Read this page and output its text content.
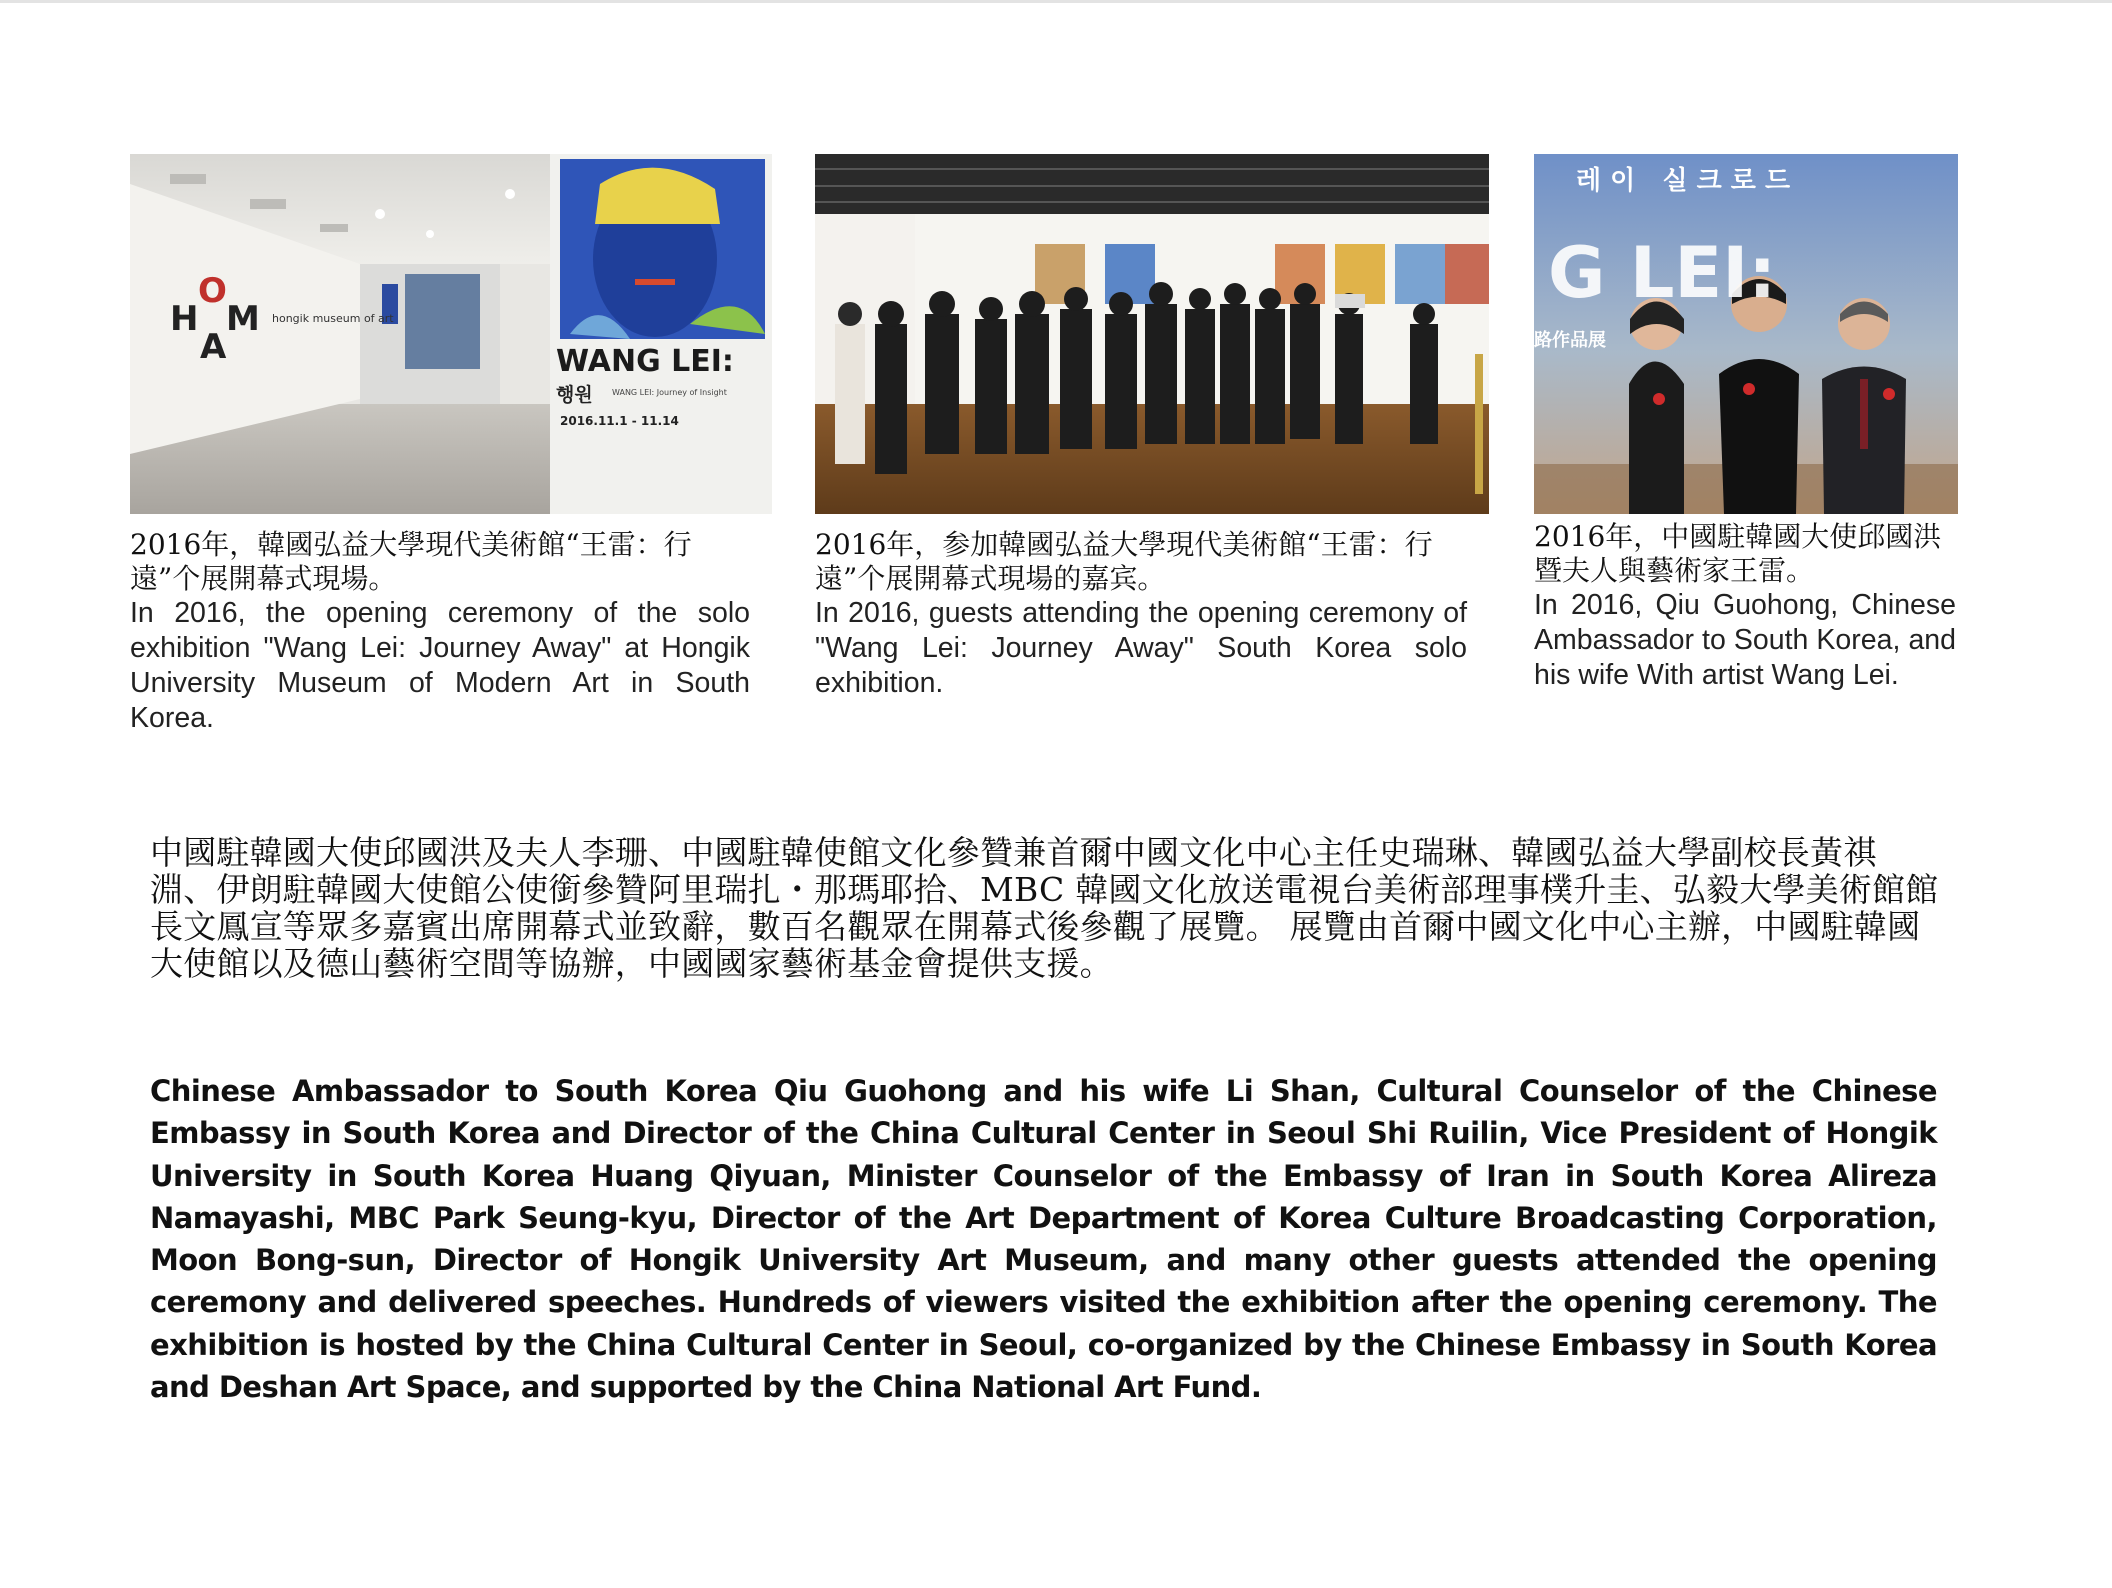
O
H M
A
hongik museum of art
행원
WANG LEI:
WANG LEI: Journey of Insight
2016.11.1 - 11.14
레 이   실 크 로 드
G LEI:
路作品展

2016年，韓國弘益大學現代美術館“王雷：行遠”个展開幕式現場。

In 2016, the opening ceremony of the solo exhibition "Wang Lei: Journey Away" at Hongik University Museum of Modern Art in South Korea.

2016年，参加韓國弘益大學現代美術館“王雷：行遠”个展開幕式現場的嘉宾。

In 2016, guests attending the opening ceremony of "Wang Lei: Journey Away" South Korea solo exhibition.

2016年，中國駐韓國大使邱國洪暨夫人與藝術家王雷。

In 2016, Qiu Guohong, Chinese Ambassador to South Korea, and his wife With artist Wang Lei.

中國駐韓國大使邱國洪及夫人李珊、中國駐韓使館文化參贊兼首爾中國文化中心主任史瑞琳、韓國弘益大學副校長黃祺淵、伊朗駐韓國大使館公使銜參贊阿里瑞扎・那瑪耶拾、MBC 韓國文化放送電視台美術部理事樸升圭、弘毅大學美術館館長文鳳宣等眾多嘉賓出席開幕式並致辭，數百名觀眾在開幕式後參觀了展覽。 展覽由首爾中國文化中心主辦，中國駐韓國大使館以及德山藝術空間等協辦，中國國家藝術基金會提供支援。

Chinese Ambassador to South Korea Qiu Guohong and his wife Li Shan, Cultural Counselor of the Chinese Embassy in South Korea and Director of the China Cultural Center in Seoul Shi Ruilin, Vice President of Hongik University in South Korea Huang Qiyuan, Minister Counselor of the Embassy of Iran in South Korea Alireza Namayashi, MBC Park Seung-kyu, Director of the Art Department of Korea Culture Broadcasting Corporation, Moon Bong-sun, Director of Hongik University Art Museum, and many other guests attended the opening ceremony and delivered speeches. Hundreds of viewers visited the exhibition after the opening ceremony. The exhibition is hosted by the China Cultural Center in Seoul, co-organized by the Chinese Embassy in South Korea and Deshan Art Space, and supported by the China National Art Fund.
